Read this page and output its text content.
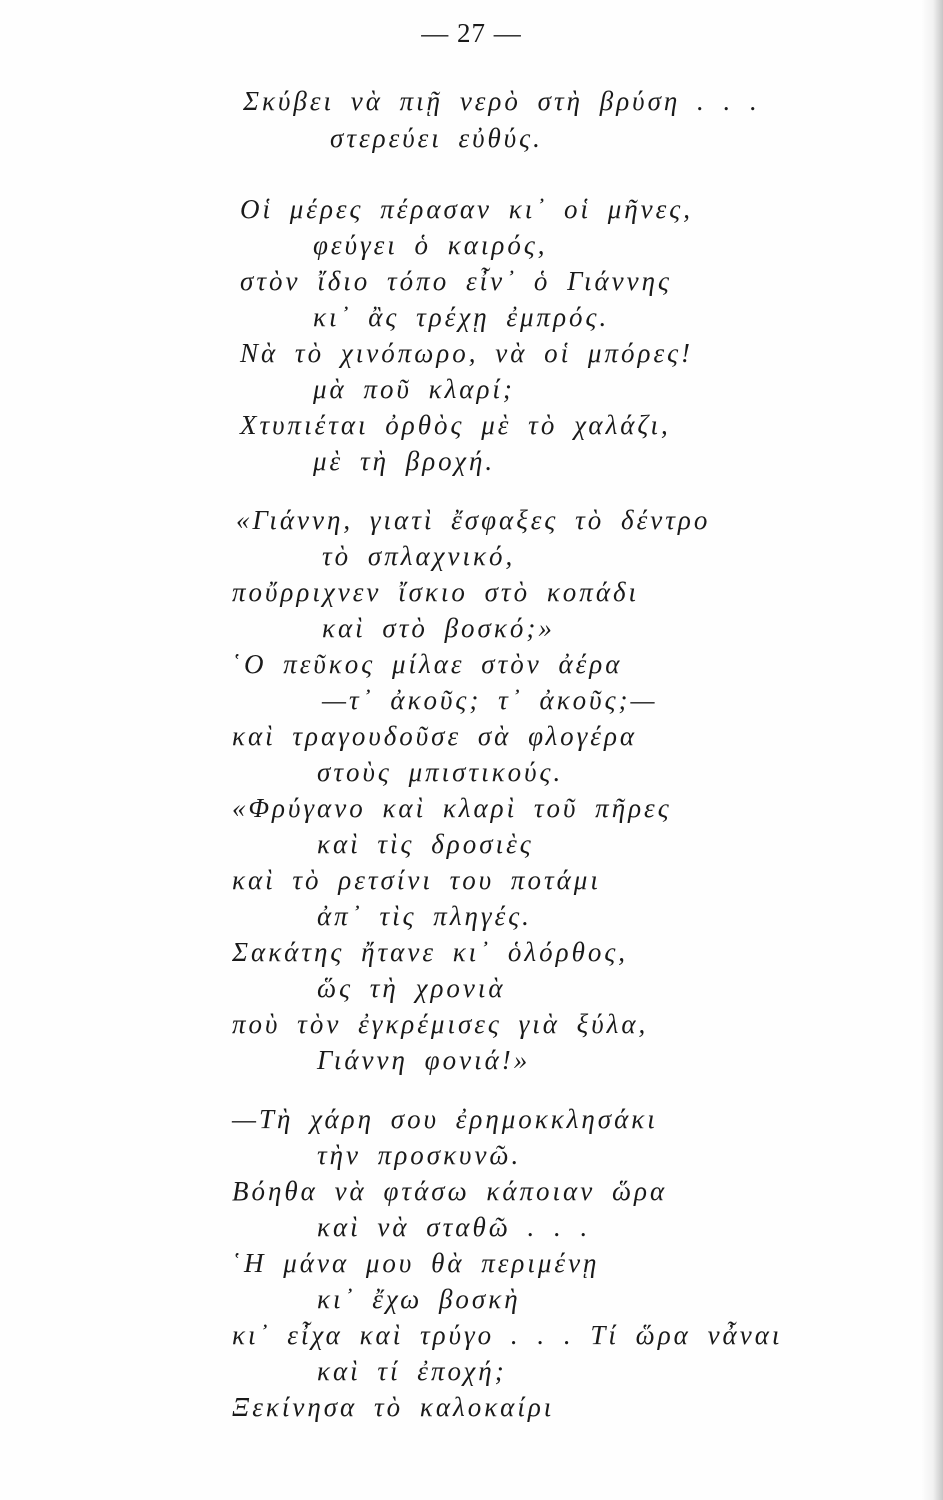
— 27 —
Σκύβει νὰ πιῇ νερὸ στὴ βρύση . . .
στερεύει εὐθύς.
Οἱ μέρες πέρασαν κι᾽ οἱ μῆνες,
φεύγει ὁ καιρός,
στὸν ἴδιο τόπο εἶν᾽ ὁ Γιάννης
κι᾽ ἂς τρέχῃ ἐμπρός.
Νὰ τὸ χινόπωρο, νὰ οἱ μπόρες!
μὰ ποῦ κλαρί;
Χτυπιέται ὀρθὸς μὲ τὸ χαλάζι,
μὲ τὴ βροχή.
«Γιάννη, γιατὶ ἔσφαξες τὸ δέντρο
τὸ σπλαχνικό,
ποὔρριχνεν ἴσκιο στὸ κοπάδι
καὶ στὸ βοσκό;»
῾Ο πεῦκος μίλαε στὸν ἀέρα
—τ᾽ ἀκοῦς; τ᾽ ἀκοῦς;—
καὶ τραγουδοῦσε σὰ φλογέρα
στοὺς μπιστικούς.
«Φρύγανο καὶ κλαρὶ τοῦ πῆρες
καὶ τὶς δροσιὲς
καὶ τὸ ρετσίνι του ποτάμι
ἀπ᾽ τὶς πληγές.
Σακάτης ἤτανε κι᾽ ὁλόρθος,
ὥς τὴ χρονιὰ
ποὺ τὸν ἐγκρέμισες γιὰ ξύλα,
Γιάννη φονιά!»
—Τὴ χάρη σου ἐρημοκκλησάκι
τὴν προσκυνῶ.
Βόηθα νὰ φτάσω κάποιαν ὥρα
καὶ νὰ σταθῶ . . .
῾Η μάνα μου θὰ περιμένῃ
κι᾽ ἔχω βοσκὴ
κι᾽ εἶχα καὶ τρύγο . . . Τί ὥρα νἆναι
καὶ τί ἐποχή;
Ξεκίνησα τὸ καλοκαίρι
